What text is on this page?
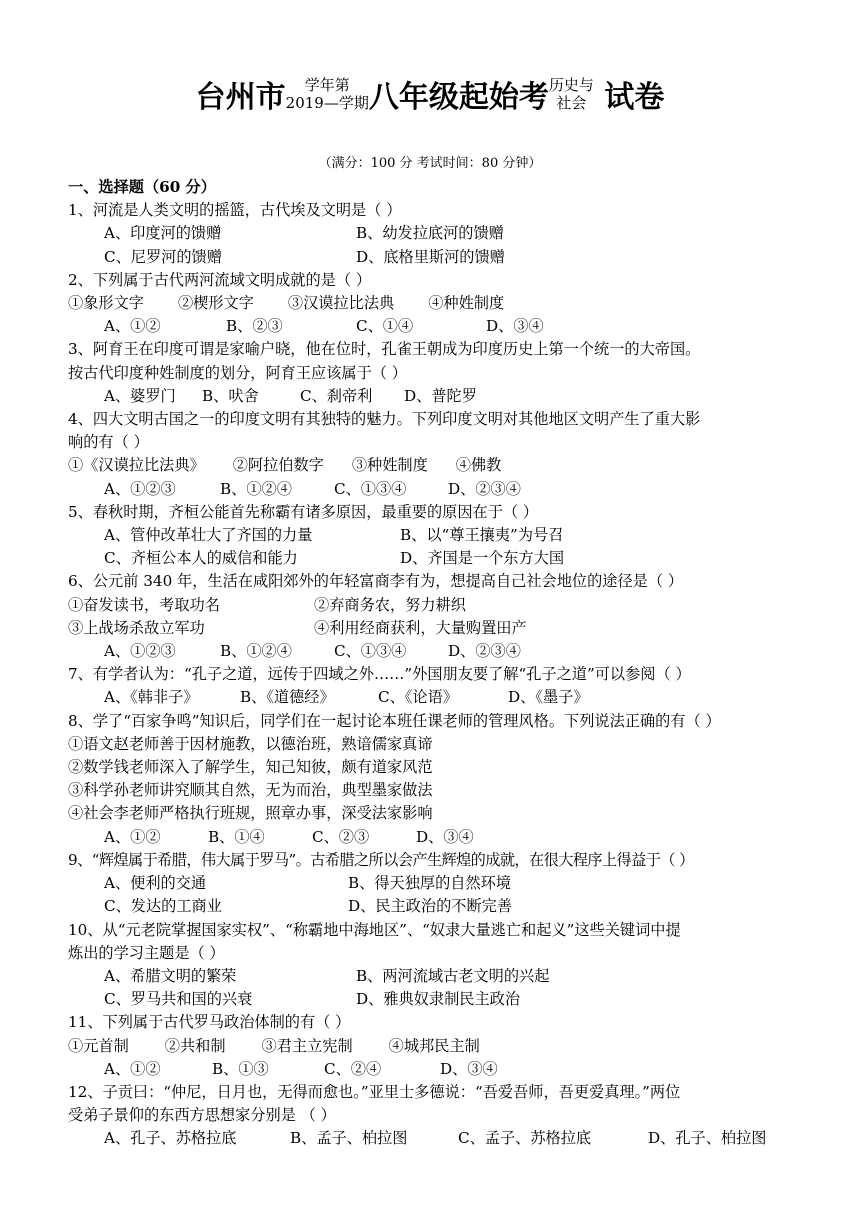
台州市	学年第
2019—学期 八年级起始考 历史与
社会 试卷
（满分：100 分 考试时间：80 分钟）
一、选择题（60 分）
1、河流是人类文明的摇篮，古代埃及文明是（ ）
A、印度河的馈赠	B、幼发拉底河的馈赠
C、尼罗河的馈赠	D、底格里斯河的馈赠
2、下列属于古代两河流域文明成就的是（ ）
①象形文字 ②楔形文字 ③汉谟拉比法典 ④种姓制度
A、①②	B、②③	C、①④	D、③④
3、阿育王在印度可谓是家喻户晓，他在位时，孔雀王朝成为印度历史上第一个统一的大帝国。
按古代印度种姓制度的划分，阿育王应该属于（ ）
A、婆罗门	B、吠舍	C、刹帝利	D、普陀罗
4、四大文明古国之一的印度文明有其独特的魅力。下列印度文明对其他地区文明产生了重大影
响的有（ ）
①《汉谟拉比法典》 ②阿拉伯数字 ③种姓制度 ④佛教
A、①②③	B、①②④	C、①③④	D、②③④
5、春秋时期，齐桓公能首先称霸有诸多原因，最重要的原因在于（ ）
A、管仲改革壮大了齐国的力量	B、以“尊王攘夷”为号召
C、齐桓公本人的威信和能力	D、齐国是一个东方大国
6、公元前 340 年，生活在咸阳郊外的年轻富商李有为，想提高自己社会地位的途径是（ ）
①奋发读书，考取功名	②弃商务农，努力耕织
③上战场杀敌立军功	④利用经商获利，大量购置田产
A、①②③	B、①②④	C、①③④	D、②③④
7、有学者认为：“孔子之道，远传于四域之外……”外国朋友要了解“孔子之道”可以参阅（ ）
A、《韩非子》	B、《道德经》	C、《论语》	D、《墨子》
8、学了“百家争鸣”知识后，同学们在一起讨论本班任课老师的管理风格。下列说法正确的有（ ）
①语文赵老师善于因材施教，以德治班，熟谙儒家真谛
②数学钱老师深入了解学生，知己知彼，颇有道家风范
③科学孙老师讲究顺其自然，无为而治，典型墨家做法
④社会李老师严格执行班规，照章办事，深受法家影响
A、①②	B、①④	C、②③	D、③④
9、“辉煌属于希腊，伟大属于罗马”。古希腊之所以会产生辉煌的成就，在很大程序上得益于（ ）
A、便利的交通	B、得天独厚的自然环境
C、发达的工商业	D、民主政治的不断完善
10、从“元老院掌握国家实权”、“称霸地中海地区”、“奴隶大量逃亡和起义”这些关键词中提
炼出的学习主题是（ ）
A、希腊文明的繁荣	B、两河流域古老文明的兴起
C、罗马共和国的兴衰	D、雅典奴隶制民主政治
11、下列属于古代罗马政治体制的有（ ）
①元首制 ②共和制 ③君主立宪制 ④城邦民主制
A、①②	B、①③	C、②④	D、③④
12、子贡曰：“仲尼，日月也，无得而愈也。”亚里士多德说：“吾爱吾师，吾更爱真理。”两位
受弟子景仰的东西方思想家分别是 （ ）
A、孔子、苏格拉底	B、孟子、柏拉图	C、孟子、苏格拉底	D、孔子、柏拉图
